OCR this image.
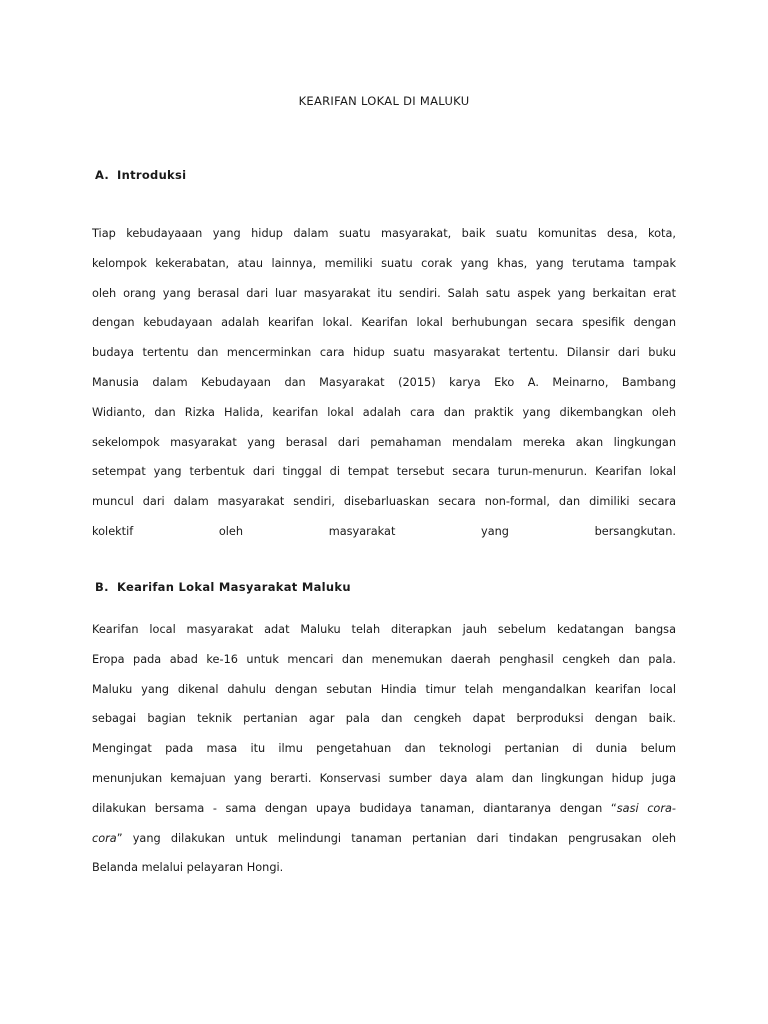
KEARIFAN LOKAL DI MALUKU
A. Introduksi
Tiap kebudayaaan yang hidup dalam suatu masyarakat, baik suatu komunitas desa, kota,
kelompok kekerabatan, atau lainnya, memiliki suatu corak yang khas, yang terutama tampak
oleh orang yang berasal dari luar masyarakat itu sendiri. Salah satu aspek yang berkaitan erat
dengan kebudayaan adalah kearifan lokal. Kearifan lokal berhubungan secara spesifik dengan
budaya tertentu dan mencerminkan cara hidup suatu masyarakat tertentu. Dilansir dari buku
Manusia dalam Kebudayaan dan Masyarakat (2015) karya Eko A. Meinarno, Bambang
Widianto, dan Rizka Halida, kearifan lokal adalah cara dan praktik yang dikembangkan oleh
sekelompok masyarakat yang berasal dari pemahaman mendalam mereka akan lingkungan
setempat yang terbentuk dari tinggal di tempat tersebut secara turun-menurun. Kearifan lokal
muncul dari dalam masyarakat sendiri, disebarluaskan secara non-formal, dan dimiliki secara
kolektif oleh masyarakat yang bersangkutan.
B. Kearifan Lokal Masyarakat Maluku
Kearifan local masyarakat adat Maluku telah diterapkan jauh sebelum kedatangan bangsa
Eropa pada abad ke-16 untuk mencari dan menemukan daerah penghasil cengkeh dan pala.
Maluku yang dikenal dahulu dengan sebutan Hindia timur telah mengandalkan kearifan local
sebagai bagian teknik pertanian agar pala dan cengkeh dapat berproduksi dengan baik.
Mengingat pada masa itu ilmu pengetahuan dan teknologi pertanian di dunia belum
menunjukan kemajuan yang berarti. Konservasi sumber daya alam dan lingkungan hidup juga
dilakukan bersama - sama dengan upaya budidaya tanaman, diantaranya dengan “sasi cora-
cora” yang dilakukan untuk melindungi tanaman pertanian dari tindakan pengrusakan oleh
Belanda melalui pelayaran Hongi.
